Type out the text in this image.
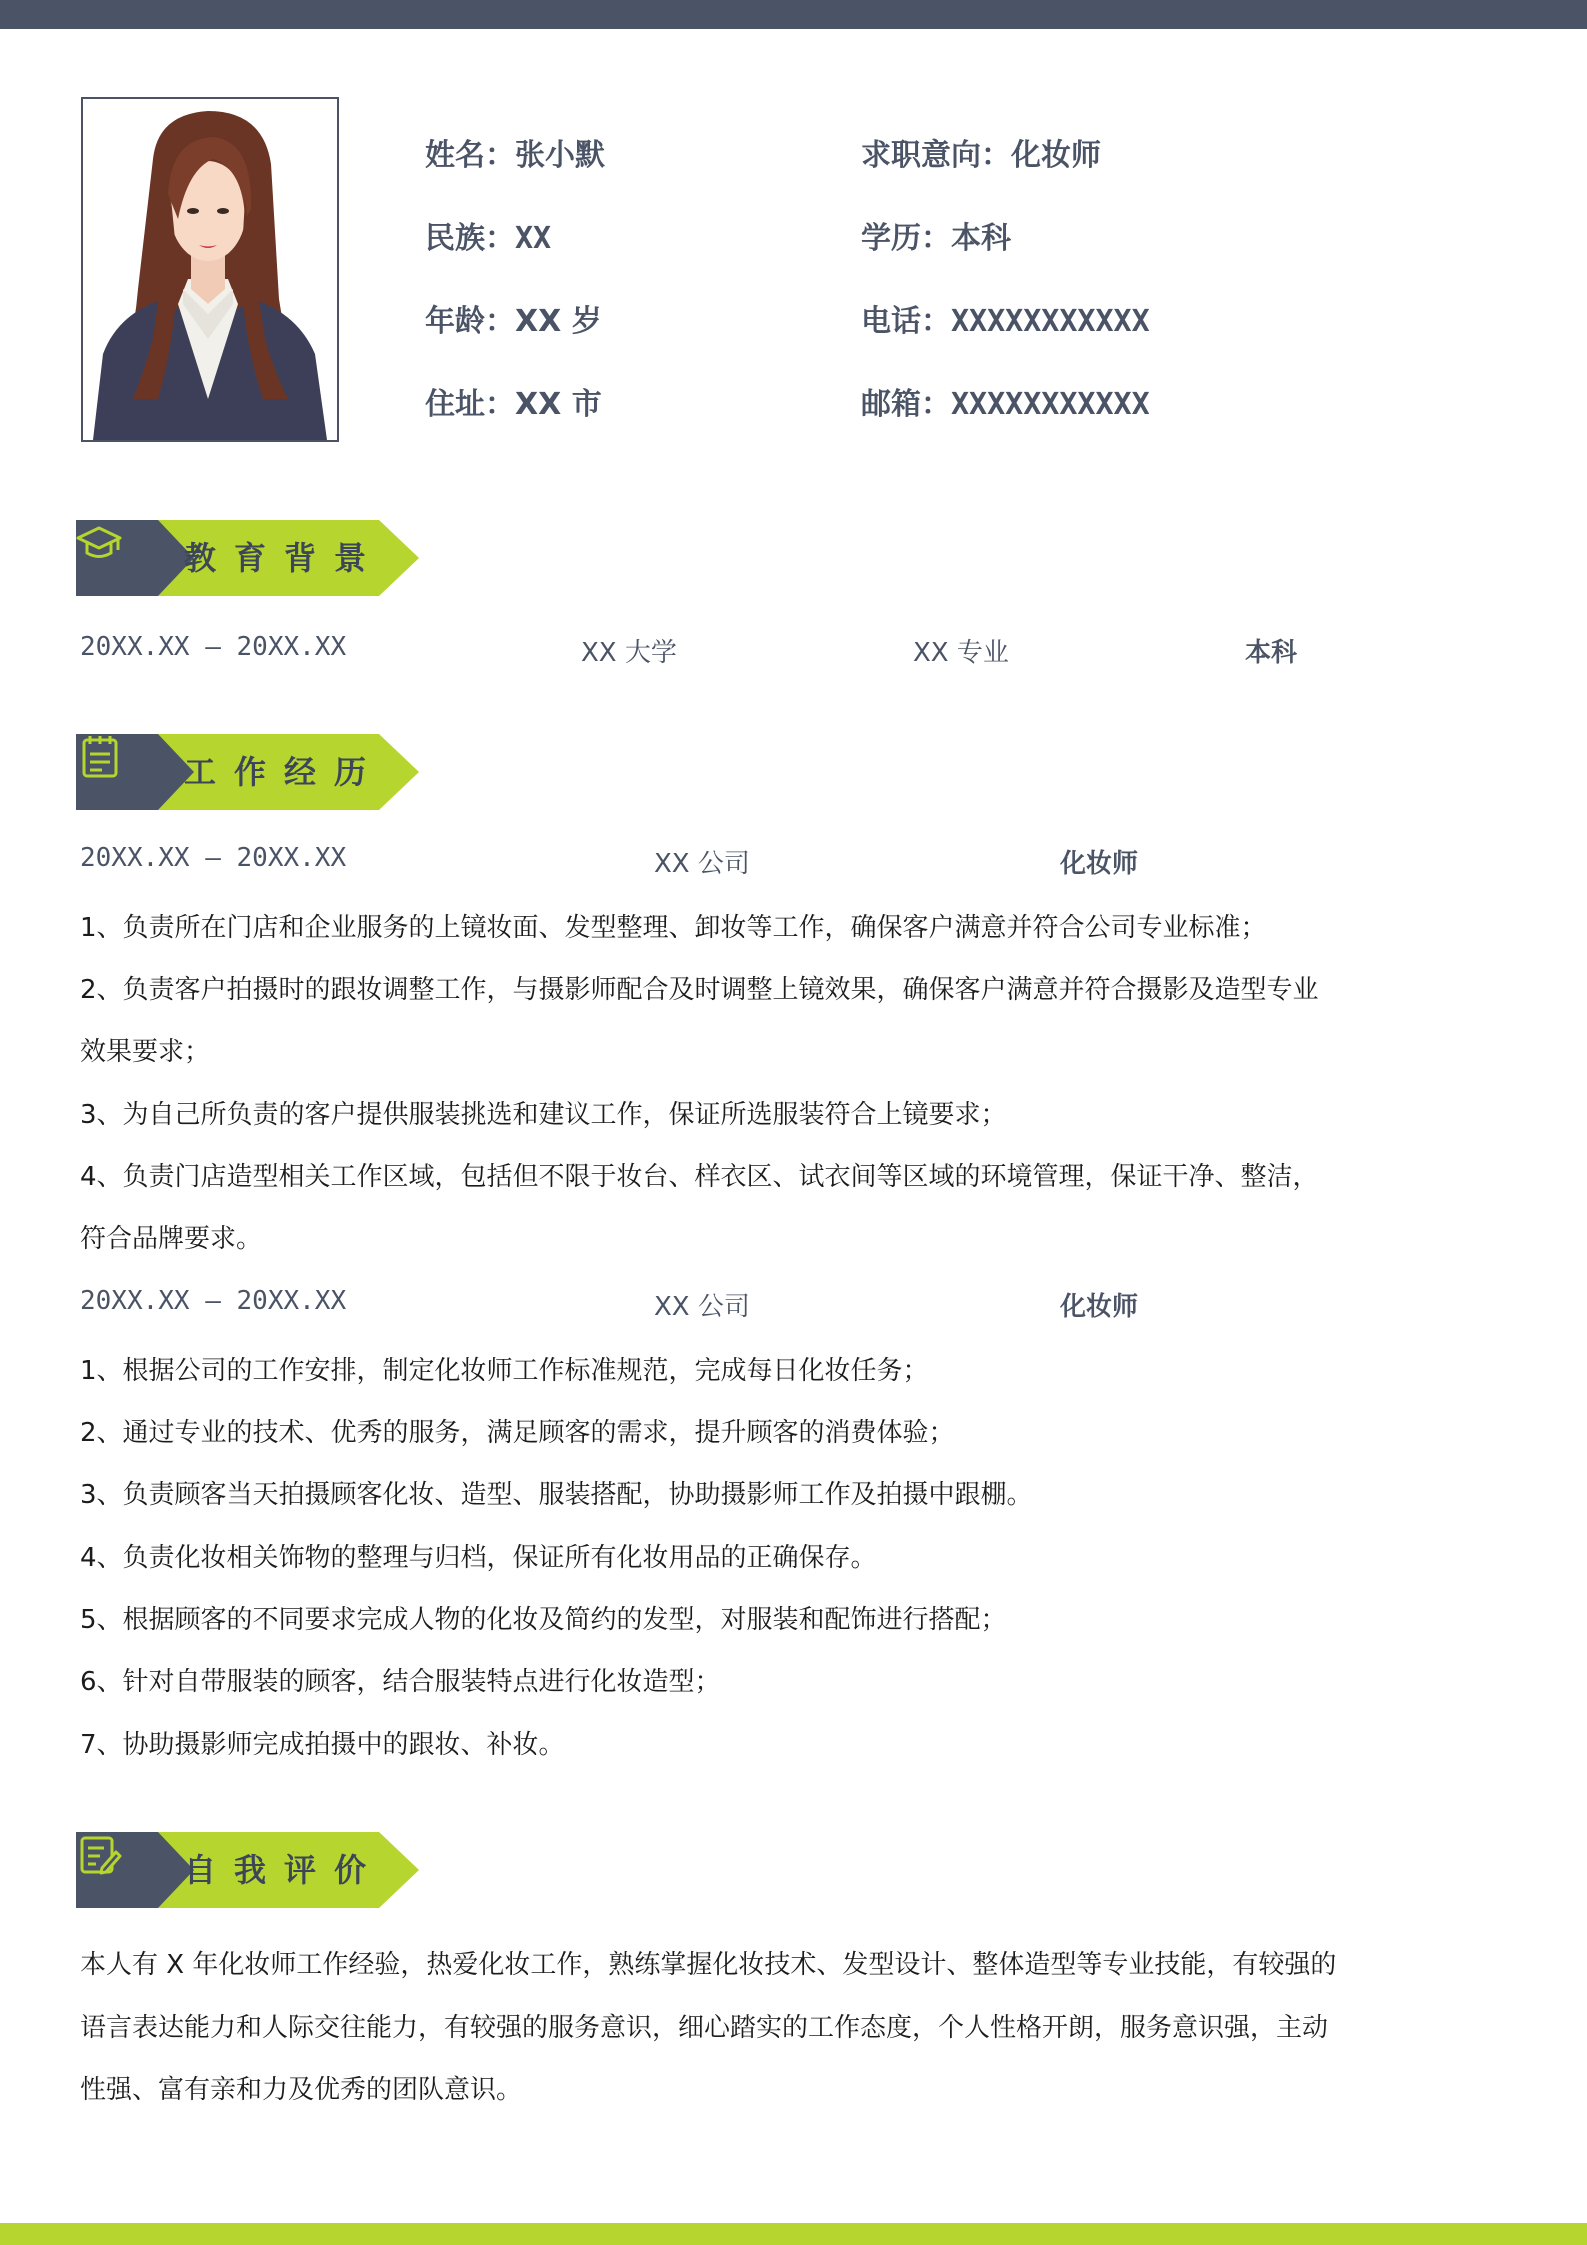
姓名：张小默	求职意向：化妆师
民族：XX	学历：本科
年龄：XX 岁	电话：XXXXXXXXXXX
住址：XX 市	邮箱：XXXXXXXXXXX
教育背景
20XX.XX – 20XX.XX	XX 大学	XX 专业	本科
工作经历
20XX.XX – 20XX.XX	XX 公司	化妆师
1、负责所在门店和企业服务的上镜妆面、发型整理、卸妆等工作，确保客户满意并符合公司专业标准；
2、负责客户拍摄时的跟妆调整工作，与摄影师配合及时调整上镜效果，确保客户满意并符合摄影及造型专业
效果要求；
3、为自己所负责的客户提供服装挑选和建议工作，保证所选服装符合上镜要求；
4、负责门店造型相关工作区域，包括但不限于妆台、样衣区、试衣间等区域的环境管理，保证干净、整洁，
符合品牌要求。
20XX.XX – 20XX.XX	XX 公司	化妆师
1、根据公司的工作安排，制定化妆师工作标准规范，完成每日化妆任务；
2、通过专业的技术、优秀的服务，满足顾客的需求，提升顾客的消费体验；
3、负责顾客当天拍摄顾客化妆、造型、服装搭配，协助摄影师工作及拍摄中跟棚。
4、负责化妆相关饰物的整理与归档，保证所有化妆用品的正确保存。
5、根据顾客的不同要求完成人物的化妆及简约的发型，对服装和配饰进行搭配；
6、针对自带服装的顾客，结合服装特点进行化妆造型；
7、协助摄影师完成拍摄中的跟妆、补妆。
自我评价
本人有 X 年化妆师工作经验，热爱化妆工作，熟练掌握化妆技术、发型设计、整体造型等专业技能，有较强的
语言表达能力和人际交往能力，有较强的服务意识，细心踏实的工作态度，个人性格开朗，服务意识强，主动
性强、富有亲和力及优秀的团队意识。
